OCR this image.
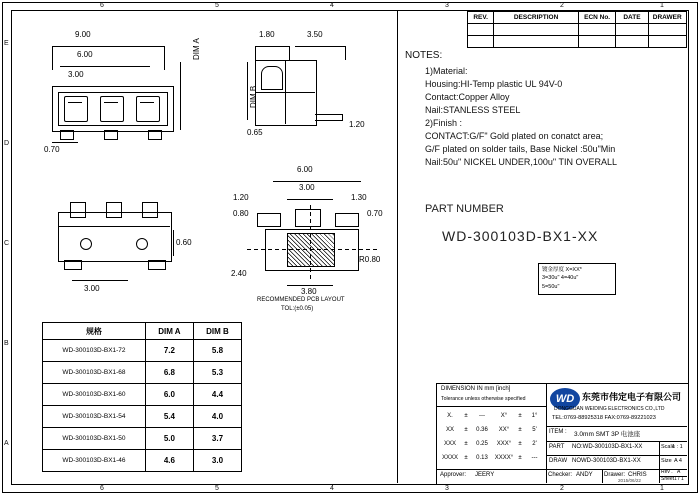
E
D
C
B
A
6	5	4	3	2	1
6	5	4	3	2	1
REV.	DESCRIPTION	ECN No.	DATE	DRAWER

NOTES:
1)Material:
Housing:HI-Temp plastic UL 94V-0
Contact:Copper Alloy
Nail:STANLESS STEEL
2)Finish :
CONTACT:G/F" Gold plated on conatct area;
G/F plated on solder tails, Base Nickel :50u"Min
Nail:50u" NICKEL UNDER,100u" TIN OVERALL
PART NUMBER
WD-300103D-BX1-XX
镀金厚度 X=XX*
3=30u" 4=40u"
5=50u"
9.00
6.00
3.00
DIM A
0.70
0.60
3.00
1.80	3.50
DIM B
0.65
1.20
6.00
3.00
1.20	1.30
0.80	0.70
R0.80
2.40
3.80
RECOMMENDED PCB LAYOUT
TOL:(±0.05)
规格	DIM A	DIM B
WD-300103D-BX1-72	7.2	5.8
WD-300103D-BX1-68	6.8	5.3
WD-300103D-BX1-60	6.0	4.4
WD-300103D-BX1-54	5.4	4.0
WD-300103D-BX1-50	5.0	3.7
WD-300103D-BX1-46	4.6	3.0
DIMENSION IN mm [inch]
Tolerance unless otherwise specified
X.	±	---	X°	±	1°
XX	±	0.36	XX°	±	5'
XXX	±	0.25	XXX°	±	2'
XXXX	±	0.13	XXXX°	±	---
Approver: JEERY
WD 东莞市伟定电子有限公司
DONGGUAN WEIDING ELECTRONICS CO.,LTD
TEL:0769-88925318 FAX:0769-89221023
ITEM : 3.0mm SMT 3P 电池座
PART NO:WD-300103D-BX1-XX	Scale
1 : 1
DRAW NOWD-300103D-BX1-XX	Size A 4
Checker: ANDY Drawer: CHRIS
2015/06/22
Rev . A
Sheet 1 / 1
